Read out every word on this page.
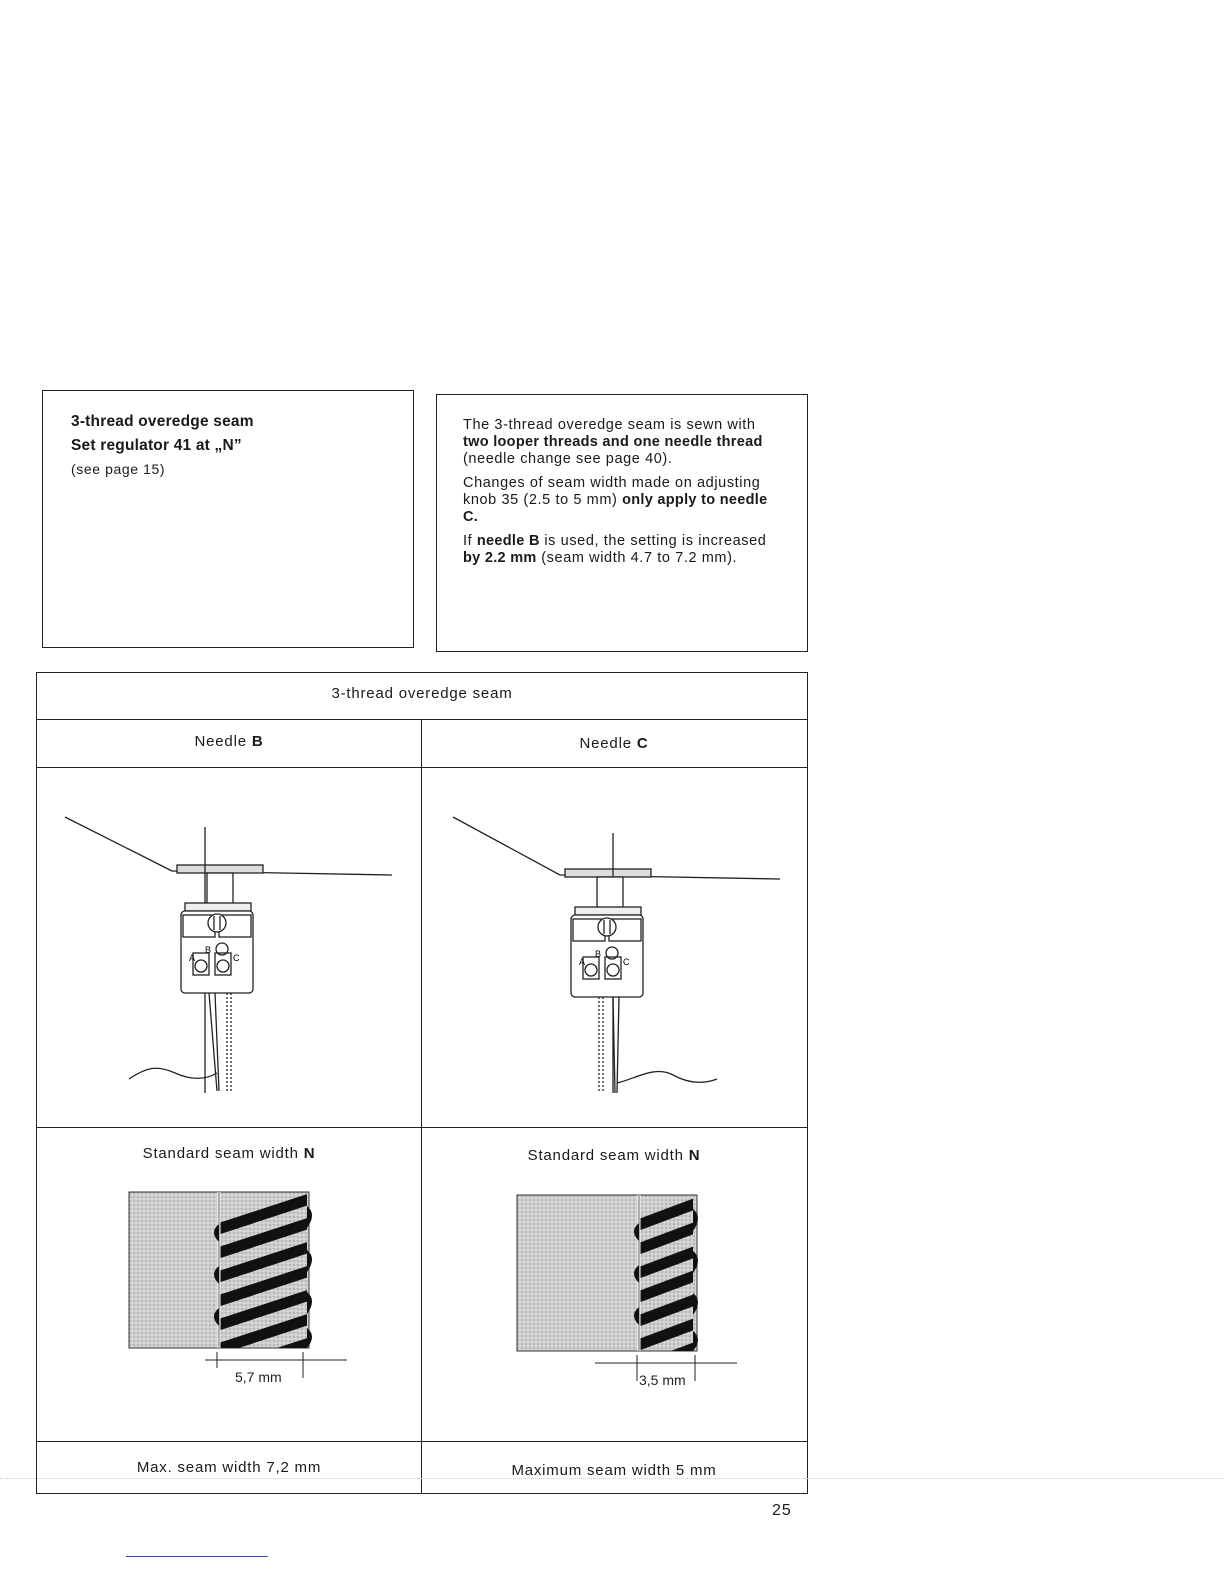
3-thread overedge seam

Set regulator 41 at „N”

(see page 15)

The 3-thread overedge seam is sewn with two looper threads and one needle thread (needle change see page 40).

Changes of seam width made on adjusting knob 35 (2.5 to 5 mm) only apply to needle C.

If needle B is used, the setting is increased by 2.2 mm (seam width 4.7 to 7.2 mm).

3-thread overedge seam
Needle B	Needle C
A
B
C	A
B
C
Standard seam width N	Standard seam width N
5,7 mm	3,5 mm
Max. seam width 7,2 mm	Maximum seam width 5 mm
25
